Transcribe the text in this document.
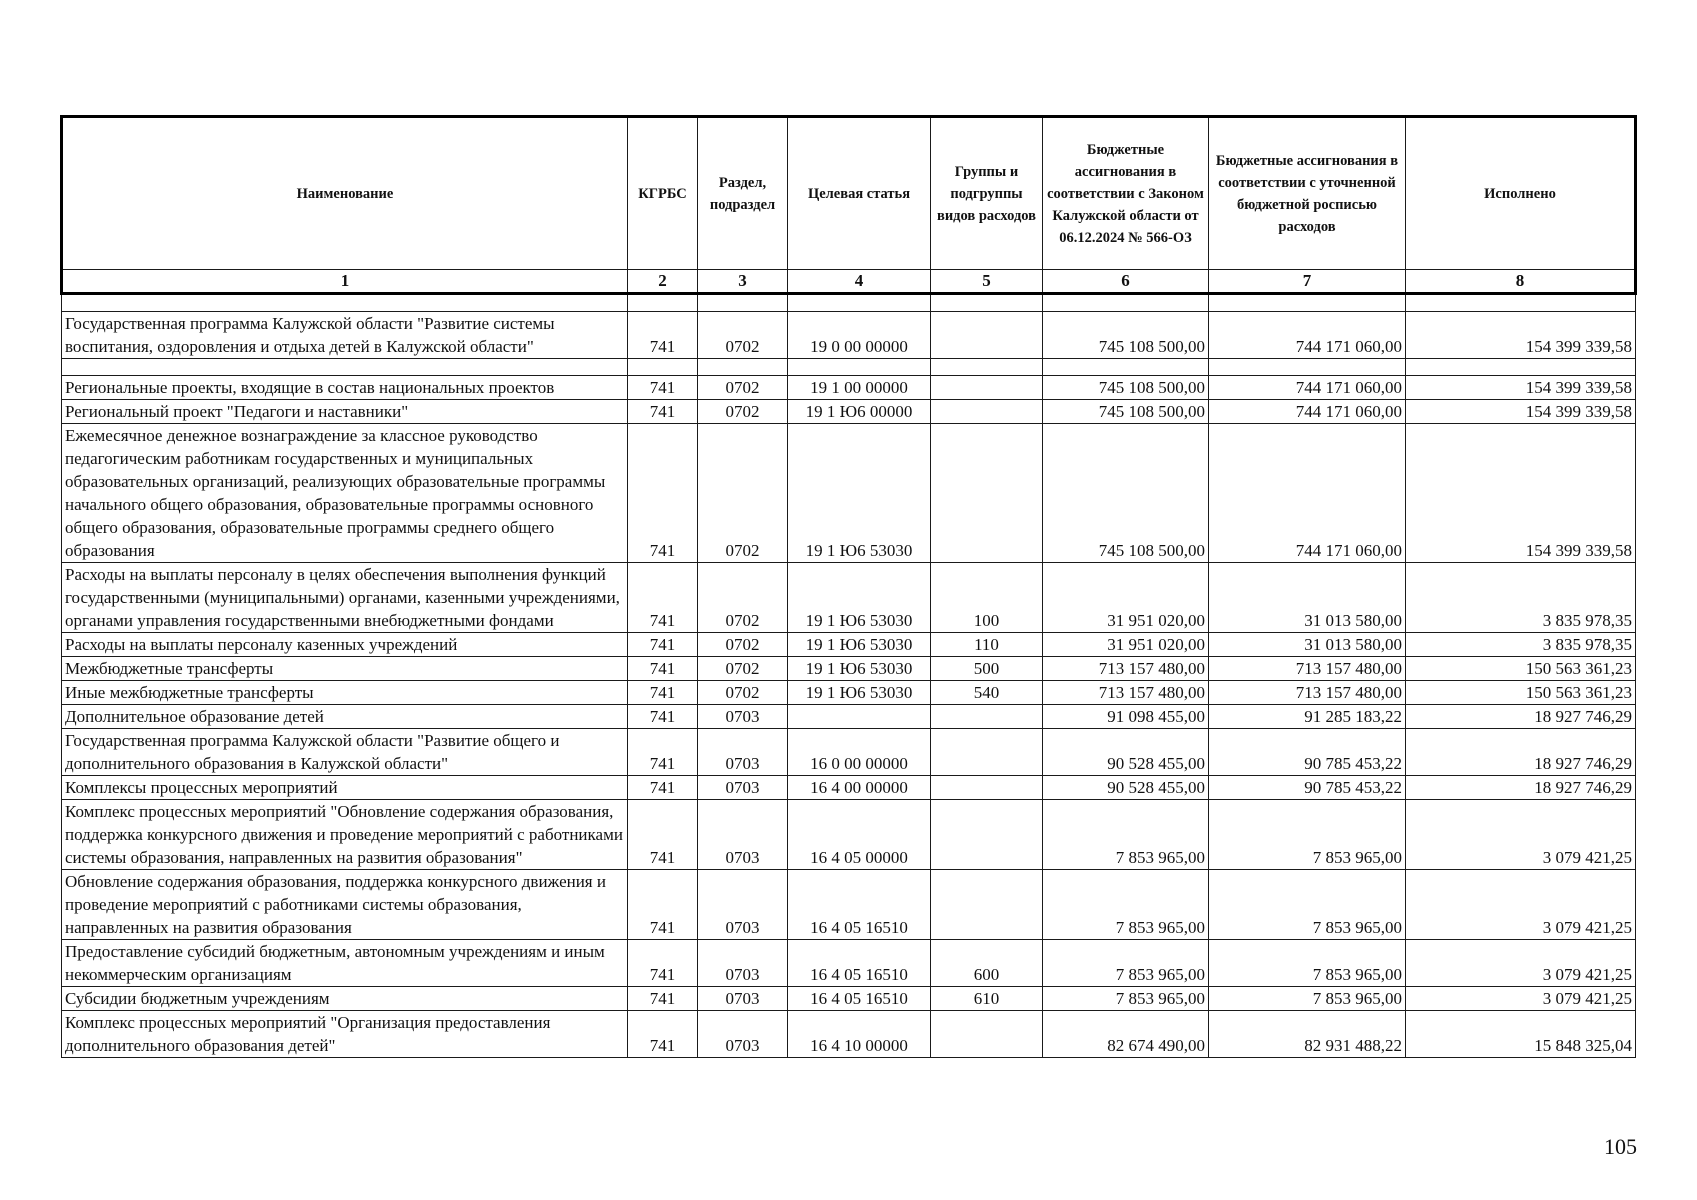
Наименование	КГРБС	Раздел, подраздел	Целевая статья	Группы и подгруппы видов расходов	Бюджетные ассигнования в соответствии с Законом Калужской области от 06.12.2024 № 566-ОЗ	Бюджетные ассигнования в соответствии с уточненной бюджетной росписью расходов	Исполнено
1	2	3	4	5	6	7	8

Государственная программа Калужской области "Развитие системы воспитания, оздоровления и отдыха детей в Калужской области"	741	0702	19 0 00 00000		745 108 500,00	744 171 060,00	154 399 339,58

Региональные проекты, входящие в состав национальных проектов	741	0702	19 1 00 00000		745 108 500,00	744 171 060,00	154 399 339,58
Региональный проект "Педагоги и наставники"	741	0702	19 1 Ю6 00000		745 108 500,00	744 171 060,00	154 399 339,58
Ежемесячное денежное вознаграждение за классное руководство педагогическим работникам государственных и муниципальных образовательных организаций, реализующих образовательные программы начального общего образования, образовательные программы основного общего образования, образовательные программы среднего общего образования	741	0702	19 1 Ю6 53030		745 108 500,00	744 171 060,00	154 399 339,58
Расходы на выплаты персоналу в целях обеспечения выполнения функций государственными (муниципальными) органами, казенными учреждениями, органами управления государственными внебюджетными фондами	741	0702	19 1 Ю6 53030	100	31 951 020,00	31 013 580,00	3 835 978,35
Расходы на выплаты персоналу казенных учреждений	741	0702	19 1 Ю6 53030	110	31 951 020,00	31 013 580,00	3 835 978,35
Межбюджетные трансферты	741	0702	19 1 Ю6 53030	500	713 157 480,00	713 157 480,00	150 563 361,23
Иные межбюджетные трансферты	741	0702	19 1 Ю6 53030	540	713 157 480,00	713 157 480,00	150 563 361,23
Дополнительное образование детей	741	0703			91 098 455,00	91 285 183,22	18 927 746,29
Государственная программа Калужской области "Развитие общего и дополнительного образования в Калужской области"	741	0703	16 0 00 00000		90 528 455,00	90 785 453,22	18 927 746,29
Комплексы процессных мероприятий	741	0703	16 4 00 00000		90 528 455,00	90 785 453,22	18 927 746,29
Комплекс процессных мероприятий "Обновление содержания образования, поддержка конкурсного движения и проведение мероприятий с работниками системы образования, направленных на развития образования"	741	0703	16 4 05 00000		7 853 965,00	7 853 965,00	3 079 421,25
Обновление содержания образования, поддержка конкурсного движения и проведение мероприятий с работниками системы образования, направленных на развития образования	741	0703	16 4 05 16510		7 853 965,00	7 853 965,00	3 079 421,25
Предоставление субсидий бюджетным, автономным учреждениям и иным некоммерческим организациям	741	0703	16 4 05 16510	600	7 853 965,00	7 853 965,00	3 079 421,25
Субсидии бюджетным учреждениям	741	0703	16 4 05 16510	610	7 853 965,00	7 853 965,00	3 079 421,25
Комплекс процессных мероприятий "Организация предоставления дополнительного образования детей"	741	0703	16 4 10 00000		82 674 490,00	82 931 488,22	15 848 325,04
105
